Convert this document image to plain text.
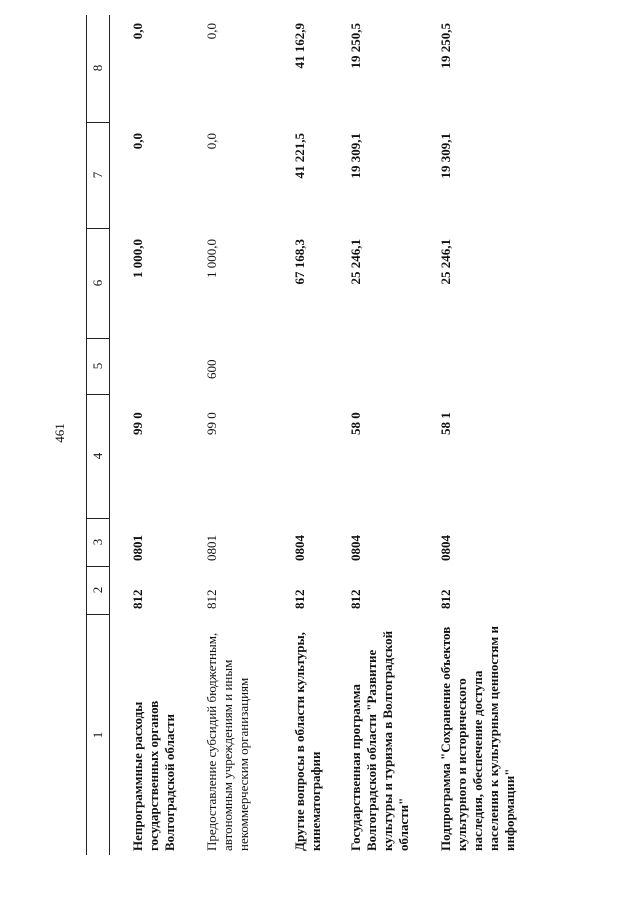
461
1
2
3
4
5
6
7
8
Непрограммные расходы государственных органов Волгоградской области
812
0801
99 0
1 000,0
0,0
0,0
Предоставление субсидий бюджетным, автономным учреждениям и иным некоммерческим организациям
812
0801
99 0
600
1 000,0
0,0
0,0
Другие вопросы в области культуры, кинематографии
812
0804
67 168,3
41 221,5
41 162,9
Государственная программа Волгоградской области "Развитие культуры и туризма в Волгоградской области"
812
0804
58 0
25 246,1
19 309,1
19 250,5
Подпрограмма "Сохранение объектов культурного и исторического наследия, обеспечение доступа населения к культурным ценностям и информации"
812
0804
58 1
25 246,1
19 309,1
19 250,5
